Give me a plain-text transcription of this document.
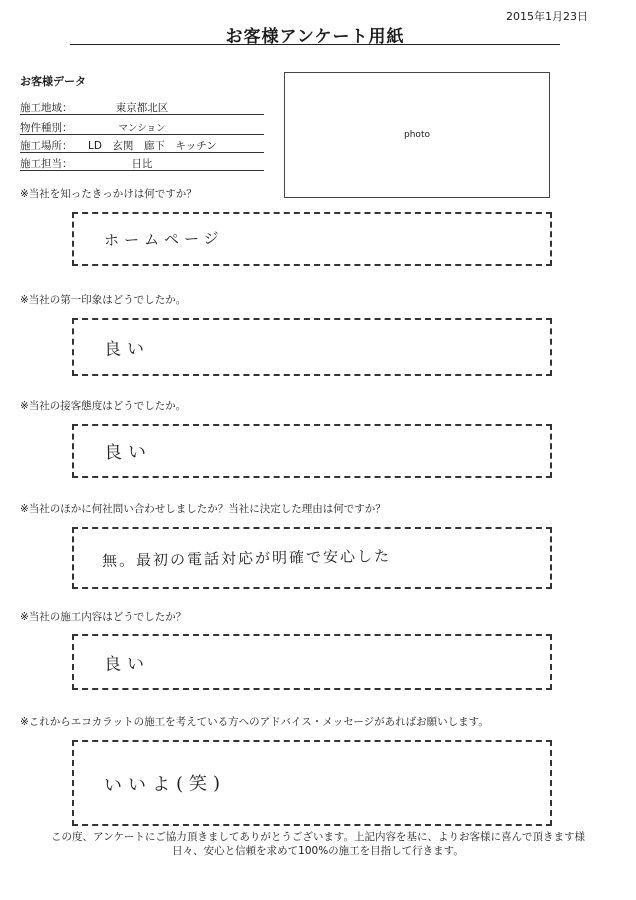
2015年1月23日
お客様アンケート用紙
お客様データ
施工地域：	東京都北区
物件種別：	マンション
施工場所： LD　玄関　廊下　キッチン
施工担当：	日比
photo
※当社を知ったきっかけは何ですか？
ホームページ
※当社の第一印象はどうでしたか。
良い
※当社の接客態度はどうでしたか。
良い
※当社のほかに何社問い合わせしましたか？当社に決定した理由は何ですか？
無。最初の電話対応が明確で安心した
※当社の施工内容はどうでしたか？
良い
※これからエコカラットの施工を考えている方へのアドバイス・メッセージがあればお願いします。
いいよ(笑)
この度、アンケートにご協力頂きましてありがとうございます。上記内容を基に、よりお客様に喜んで頂きます様
日々、安心と信頼を求めて100%の施工を目指して行きます。
